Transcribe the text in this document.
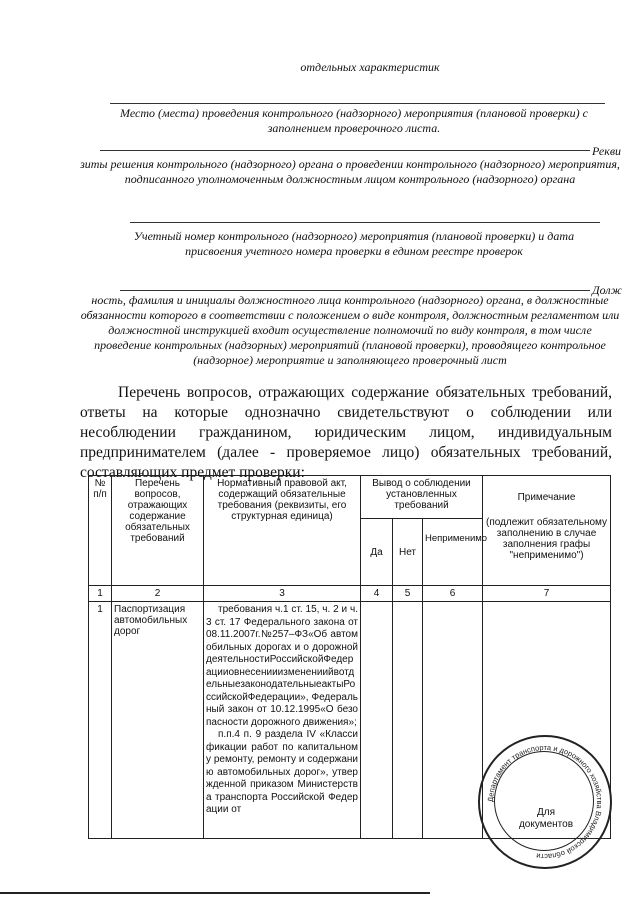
отдельных характеристик
Место (места) проведения контрольного (надзорного) мероприятия (плановой проверки) с заполнением проверочного листа.
Рекви
зиты решения контрольного (надзорного) органа о проведении контрольного (надзорного) мероприятия, подписанного уполномоченным должностным лицом контрольного (надзорного) органа
Учетный номер контрольного (надзорного) мероприятия (плановой проверки) и дата присвоения учетного номера проверки в едином реестре проверок
Долж
ность, фамилия и инициалы должностного лица контрольного (надзорного) органа, в должностные обязанности которого в соответствии с положением о виде контроля, должностным регламентом или должностной инструкцией входит осуществление полномочий по виду контроля, в том числе проведение контрольных (надзорных) мероприятий (плановой проверки), проводящего контрольное (надзорное) мероприятие и заполняющего проверочный лист
Перечень вопросов, отражающих содержание обязательных требований, ответы на которые однозначно свидетельствуют о соблюдении или несоблюдении гражданином, юридическим лицом, индивидуальным предпринимателем (далее - проверяемое лицо) обязательных требований, составляющих предмет проверки:
№ п/п	Перечень вопросов, отражающих содержание обязательных требований	Нормативный правовой акт, содержащий обязательные требования (реквизиты, его структурная единица)	Вывод о соблюдении установленных требований			Примечание
(подлежит обязательному заполнению в случае заполнения графы "неприменимо")

			Да	Нет	Неприменимо	
1	2	3	4	5	6	7
1	Паспортизация автомобильных дорог	требования ч.1 ст. 15, ч. 2 и ч. 3 ст. 17 Федерального закона от08.11.2007г.№257–ФЗ«Об автомобильных дорогах и о дорожнойдеятельностиРоссийскойФедерацииовнесенииизменениийвотдельныезаконодательныеактыРоссийскойФедерации», Федеральный закон от 10.12.1995«О безопасности дорожного движения»;

п.п.4 п. 9 раздела IV «Классификации работ по капитальному ремонту, ремонту и содержанию автомобильных дорог», утвержденной приказом Министерства транспорта Российской Федерации от				

Департамент транспорта и дорожного хозяйства Владимирской области
Для документов
